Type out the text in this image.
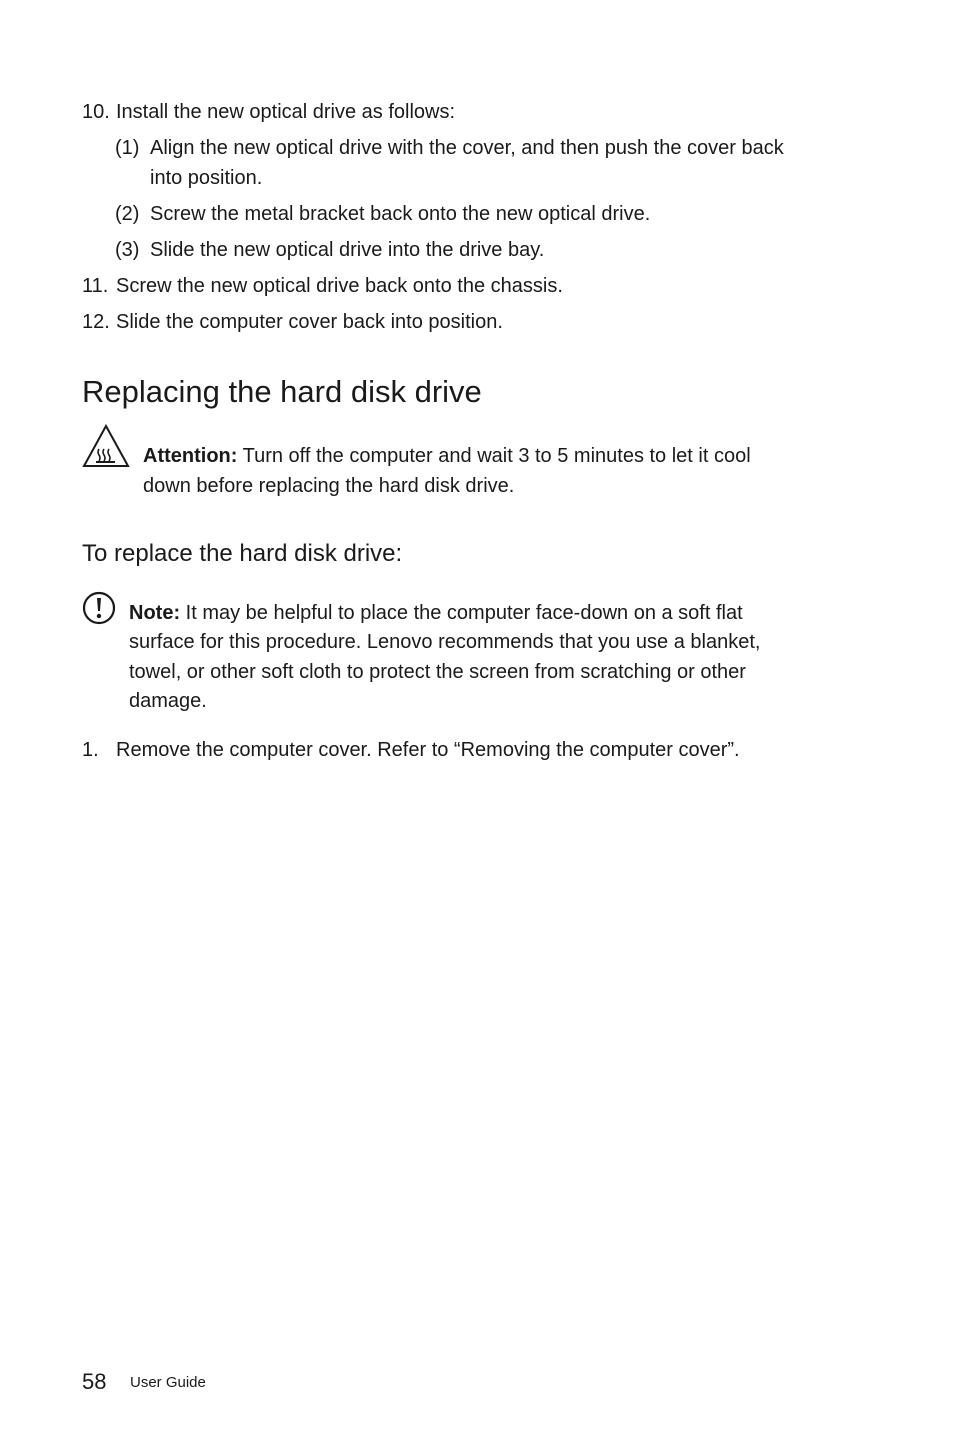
10. Install the new optical drive as follows:
(1) Align the new optical drive with the cover, and then push the cover back
into position.
(2) Screw the metal bracket back onto the new optical drive.
(3) Slide the new optical drive into the drive bay.
11. Screw the new optical drive back onto the chassis.
12. Slide the computer cover back into position.
Replacing the hard disk drive
Attention: Turn off the computer and wait 3 to 5 minutes to let it cool
down before replacing the hard disk drive.
To replace the hard disk drive:
Note: It may be helpful to place the computer face-down on a soft flat
surface for this procedure. Lenovo recommends that you use a blanket,
towel, or other soft cloth to protect the screen from scratching or other
damage.
1. Remove the computer cover. Refer to “Removing the computer cover”.
58 User Guide
